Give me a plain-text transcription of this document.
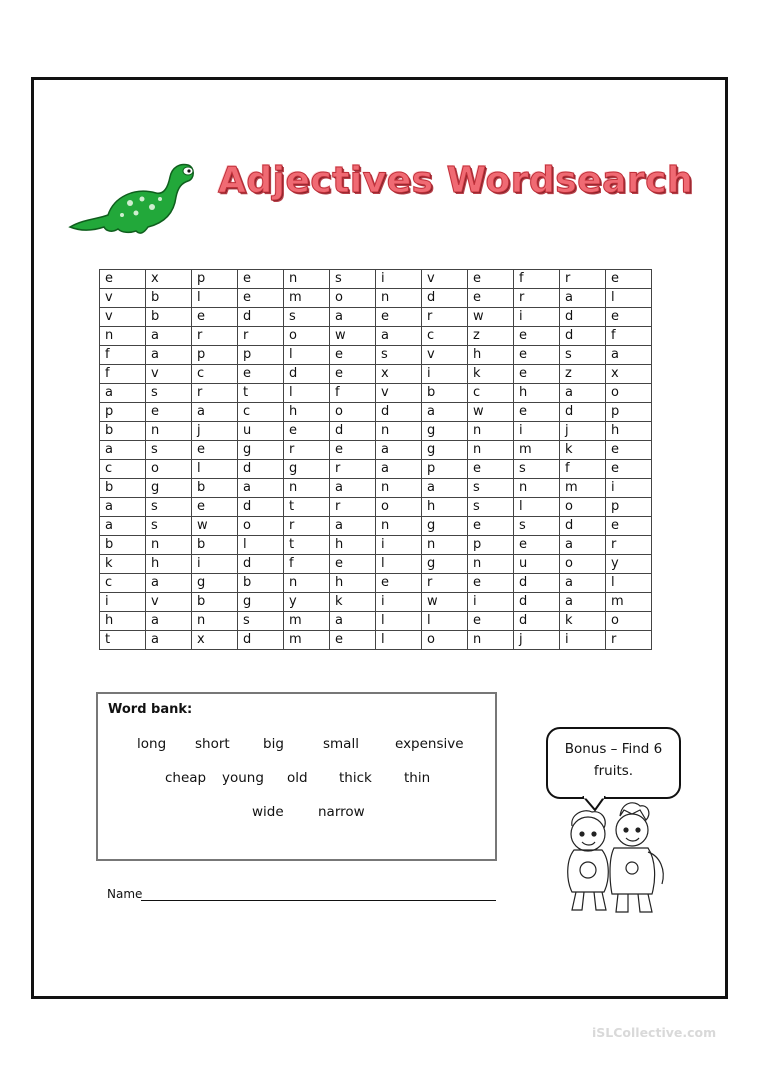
Adjectives Wordsearch
e	x	p	e	n	s	i	v	e	f	r	e
v	b	l	e	m	o	n	d	e	r	a	l
v	b	e	d	s	a	e	r	w	i	d	e
n	a	r	r	o	w	a	c	z	e	d	f
f	a	p	p	l	e	s	v	h	e	s	a
f	v	c	e	d	e	x	i	k	e	z	x
a	s	r	t	l	f	v	b	c	h	a	o
p	e	a	c	h	o	d	a	w	e	d	p
b	n	j	u	e	d	n	g	n	i	j	h
a	s	e	g	r	e	a	g	n	m	k	e
c	o	l	d	g	r	a	p	e	s	f	e
b	g	b	a	n	a	n	a	s	n	m	i
a	s	e	d	t	r	o	h	s	l	o	p
a	s	w	o	r	a	n	g	e	s	d	e
b	n	b	l	t	h	i	n	p	e	a	r
k	h	i	d	f	e	l	g	n	u	o	y
c	a	g	b	n	h	e	r	e	d	a	l
i	v	b	g	y	k	i	w	i	d	a	m
h	a	n	s	m	a	l	l	e	d	k	o
t	a	x	d	m	e	l	o	n	j	i	r
Word bank:
long short big	small	expensive
cheap young old thick thin
wide	narrow
Bonus – Find 6
fruits.
Name
iSLCollective.com
